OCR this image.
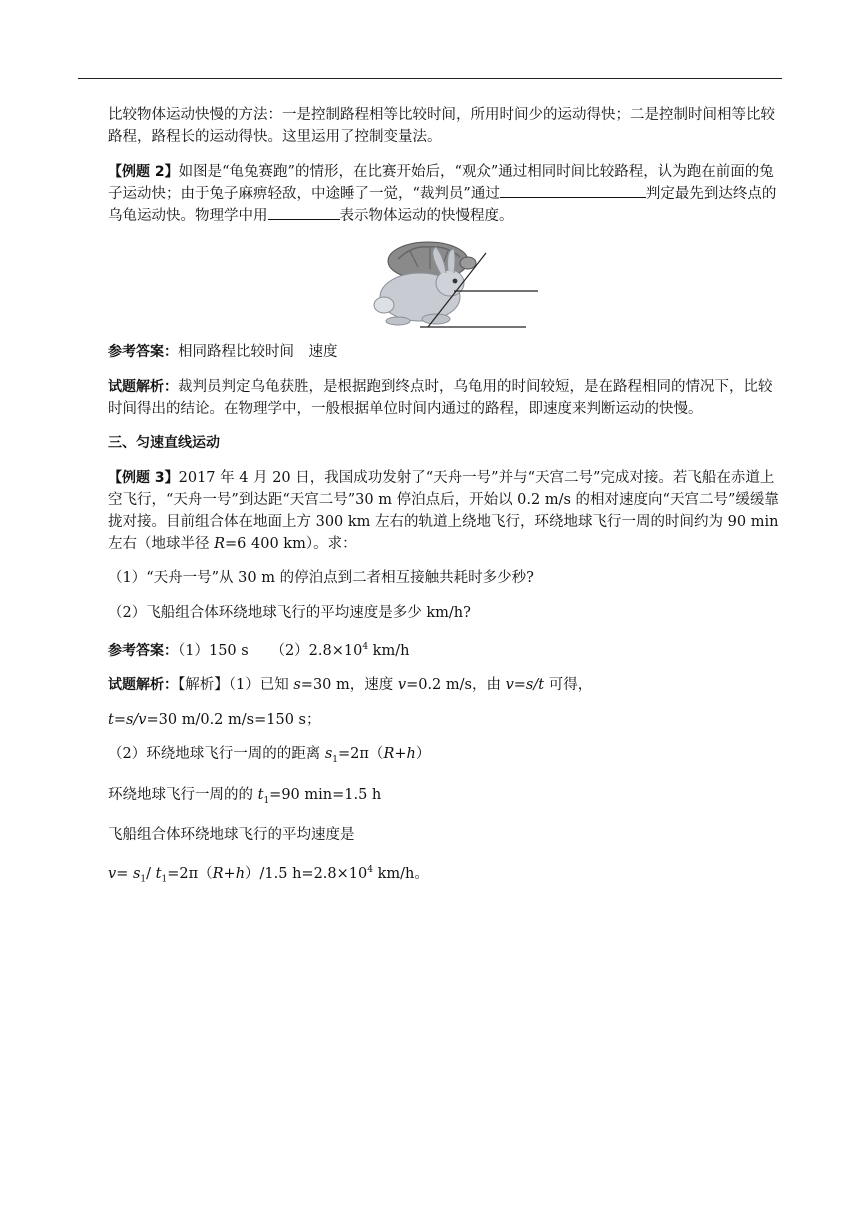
比较物体运动快慢的方法：一是控制路程相等比较时间，所用时间少的运动得快；二是控制时间相等比较路程，路程长的运动得快。这里运用了控制变量法。

【例题 2】如图是“龟兔赛跑”的情形，在比赛开始后，“观众”通过相同时间比较路程，认为跑在前面的兔子运动快；由于兔子麻痹轻敌，中途睡了一觉，“裁判员”通过	判定最先到达终点的乌龟运动快。物理学中用	表示物体运动的快慢程度。

参考答案：相同路程比较时间　速度

试题解析：裁判员判定乌龟获胜，是根据跑到终点时，乌龟用的时间较短，是在路程相同的情况下，比较时间得出的结论。在物理学中，一般根据单位时间内通过的路程，即速度来判断运动的快慢。

三、匀速直线运动

【例题 3】2017 年 4 月 20 日，我国成功发射了“天舟一号”并与“天宫二号”完成对接。若飞船在赤道上空飞行，“天舟一号”到达距“天宫二号”30 m 停泊点后，开始以 0.2 m/s 的相对速度向“天宫二号”缓缓靠拢对接。目前组合体在地面上方 300 km 左右的轨道上绕地飞行，环绕地球飞行一周的时间约为 90 min 左右（地球半径 R=6 400 km）。求：

（1）“天舟一号”从 30 m 的停泊点到二者相互接触共耗时多少秒?

（2）飞船组合体环绕地球飞行的平均速度是多少 km/h?

参考答案：（1）150 s　　$(2)2.8\times 10^4$ km/h

试题解析：【解析】（1）已知 s=30 m，速度 v=0.2 m/s，由 v=s/t 可得，

t=s/v=30 m/0.2 m/s=150 s；

（2）环绕地球飞行一周的的距离 $s_1=2\pi(R+h)$

环绕地球飞行一周的的 $t_1=90$ min=1.5 h

飞船组合体环绕地球飞行的平均速度是

$v= s_1/$ $t_1=2\pi(R+h)/1.5$ $h=2.8\times 10^4$ km/h。
